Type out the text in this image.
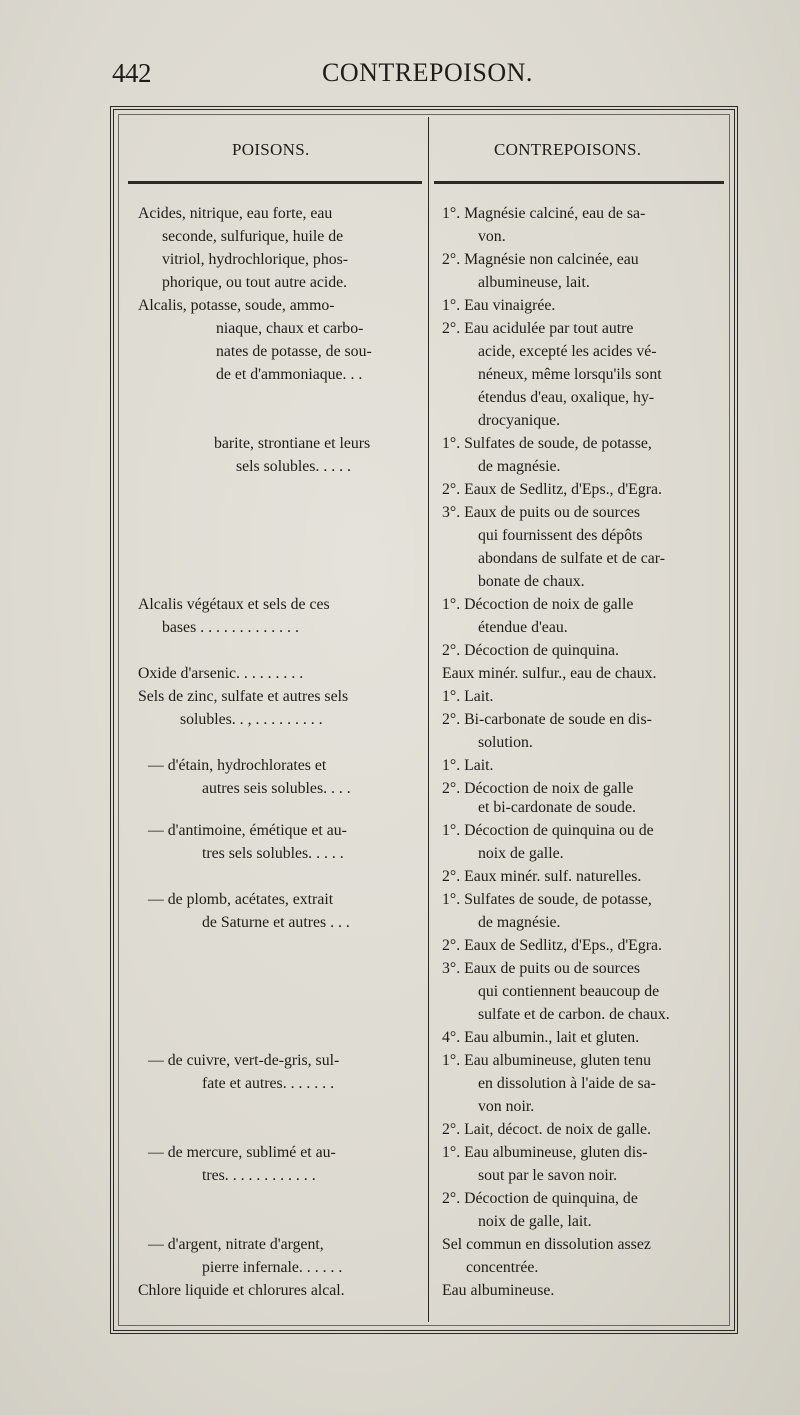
442	CONTREPOISON.
POISONS.	CONTREPOISONS.
Acides, nitrique, eau forte, eau
seconde, sulfurique, huile de
vitriol, hydrochlorique, phos-
phorique, ou tout autre acide.
Alcalis, potasse, soude, ammo-
niaque, chaux et carbo-
nates de potasse, de sou-
de et d'ammoniaque. . .
barite, strontiane et leurs
sels solubles. . . . .
Alcalis végétaux et sels de ces
bases . . . . . . . . . . . . .
Oxide d'arsenic. . . . . . . . .
Sels de zinc, sulfate et autres sels
solubles. . , . . . . . . . . .
— d'étain, hydrochlorates et
autres seis solubles. . . .
— d'antimoine, émétique et au-
tres sels solubles. . . . .
— de plomb, acétates, extrait
de Saturne et autres . . .
— de cuivre, vert-de-gris, sul-
fate et autres. . . . . . .
— de mercure, sublimé et au-
tres. . . . . . . . . . . .
— d'argent, nitrate d'argent,
pierre infernale. . . . . .
Chlore liquide et chlorures alcal.
1°. Magnésie calciné, eau de sa-
von.
2°. Magnésie non calcinée, eau
albumineuse, lait.
1°. Eau vinaigrée.
2°. Eau acidulée par tout autre
acide, excepté les acides vé-
néneux, même lorsqu'ils sont
étendus d'eau, oxalique, hy-
drocyanique.
1°. Sulfates de soude, de potasse,
de magnésie.
2°. Eaux de Sedlitz, d'Eps., d'Egra.
3°. Eaux de puits ou de sources
qui fournissent des dépôts
abondans de sulfate et de car-
bonate de chaux.
1°. Décoction de noix de galle
étendue d'eau.
2°. Décoction de quinquina.
Eaux minér. sulfur., eau de chaux.
1°. Lait.
2°. Bi-carbonate de soude en dis-
solution.
1°. Lait.
2°. Décoction de noix de galle
et bi-cardonate de soude.
1°. Décoction de quinquina ou de
noix de galle.
2°. Eaux minér. sulf. naturelles.
1°. Sulfates de soude, de potasse,
de magnésie.
2°. Eaux de Sedlitz, d'Eps., d'Egra.
3°. Eaux de puits ou de sources
qui contiennent beaucoup de
sulfate et de carbon. de chaux.
4°. Eau albumin., lait et gluten.
1°. Eau albumineuse, gluten tenu
en dissolution à l'aide de sa-
von noir.
2°. Lait, décoct. de noix de galle.
1°. Eau albumineuse, gluten dis-
sout par le savon noir.
2°. Décoction de quinquina, de
noix de galle, lait.
Sel commun en dissolution assez
concentrée.
Eau albumineuse.
